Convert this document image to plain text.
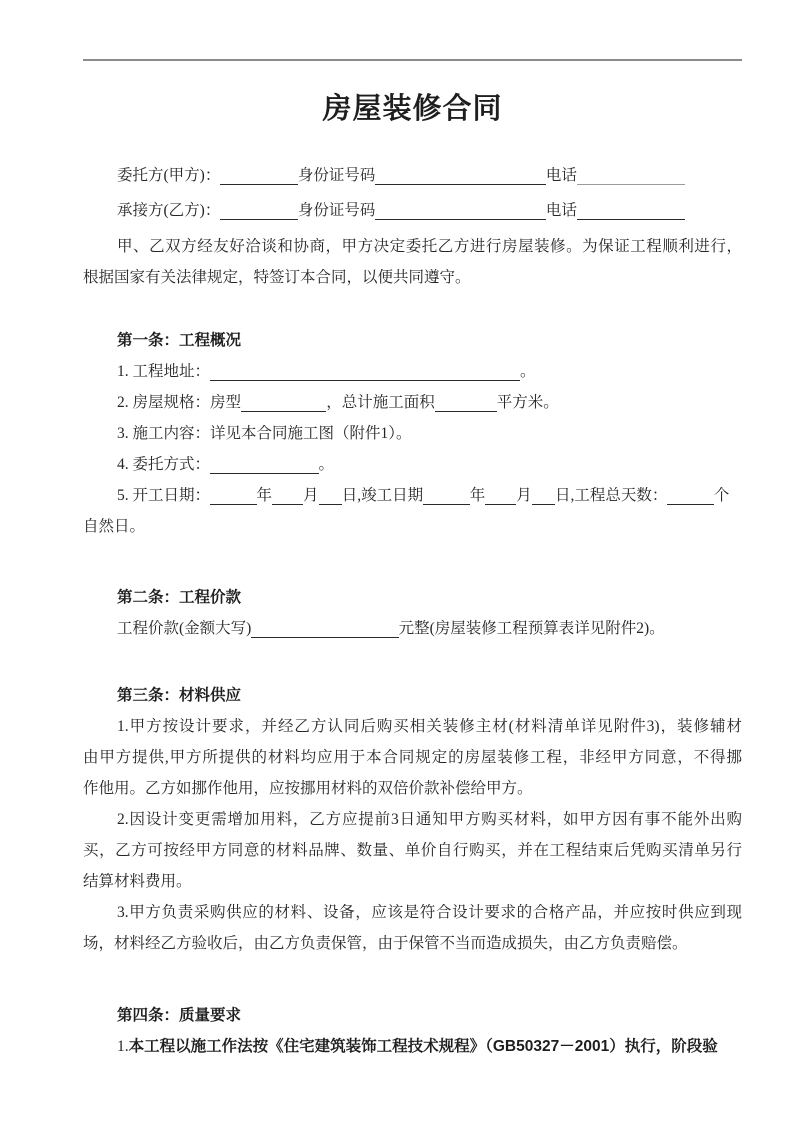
房屋装修合同
委托方(甲方)：	身份证号码	电话
承接方(乙方)：	身份证号码	电话
甲、乙双方经友好洽谈和协商，甲方决定委托乙方进行房屋装修。为保证工程顺利进行，
根据国家有关法律规定，特签订本合同，以便共同遵守。
第一条：工程概况
1. 工程地址：	。
2. 房屋规格：房型	，总计施工面积	平方米。
3. 施工内容：详见本合同施工图（附件1）。
4. 委托方式：	。
5. 开工日期：	年 月 日,竣工日期	年 月 日,工程总天数：	个
自然日。
第二条：工程价款
工程价款(金额大写)	元整(房屋装修工程预算表详见附件2)。
第三条：材料供应
1.甲方按设计要求，并经乙方认同后购买相关装修主材(材料清单详见附件3)，装修辅材
由甲方提供,甲方所提供的材料均应用于本合同规定的房屋装修工程，非经甲方同意，不得挪
作他用。乙方如挪作他用，应按挪用材料的双倍价款补偿给甲方。
2.因设计变更需增加用料，乙方应提前3日通知甲方购买材料，如甲方因有事不能外出购
买，乙方可按经甲方同意的材料品牌、数量、单价自行购买，并在工程结束后凭购买清单另行
结算材料费用。
3.甲方负责采购供应的材料、设备，应该是符合设计要求的合格产品，并应按时供应到现
场，材料经乙方验收后，由乙方负责保管，由于保管不当而造成损失，由乙方负责赔偿。
第四条：质量要求
1.本工程以施工作法按《住宅建筑装饰工程技术规程》（GB50327－2001）执行，阶段验
